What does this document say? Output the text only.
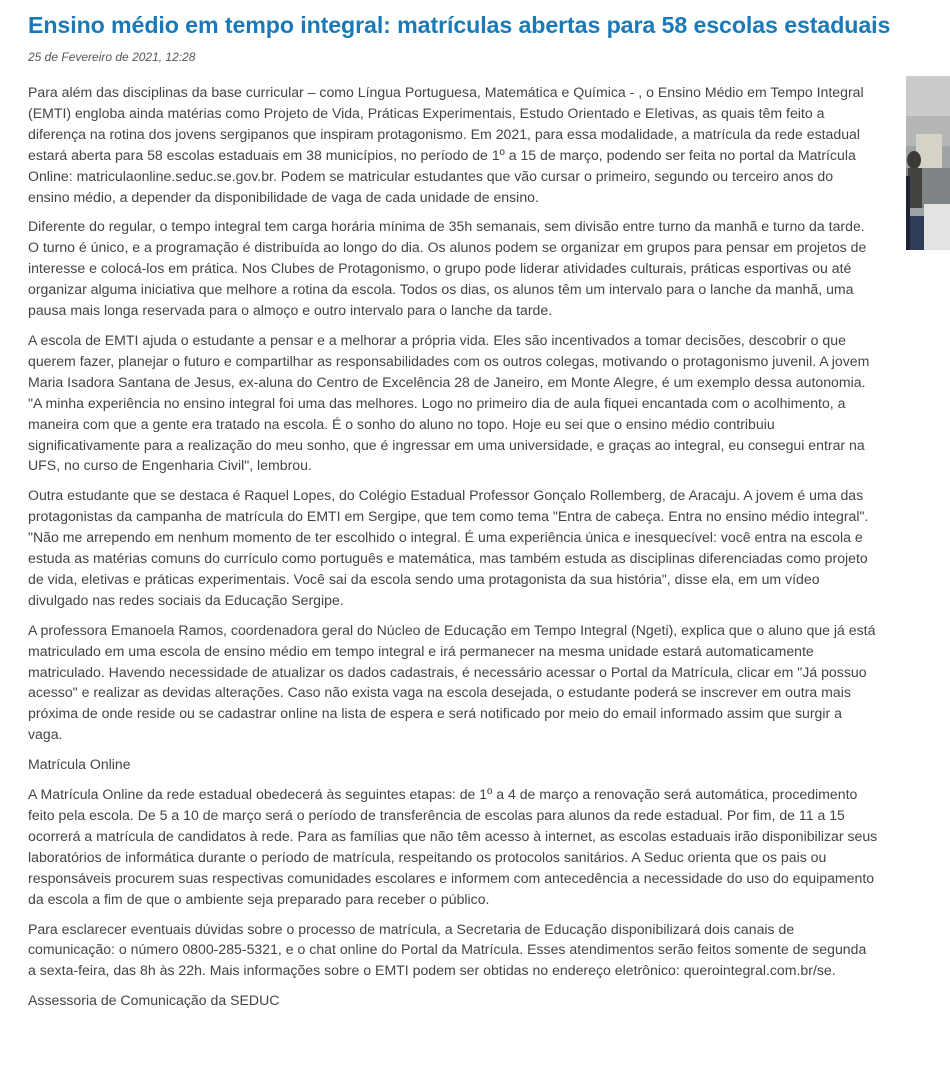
Ensino médio em tempo integral: matrículas abertas para 58 escolas estaduais
25 de Fevereiro de 2021, 12:28

Para além das disciplinas da base curricular – como Língua Portuguesa, Matemática e Química - , o Ensino Médio em Tempo Integral (EMTI) engloba ainda matérias como Projeto de Vida, Práticas Experimentais, Estudo Orientado e Eletivas, as quais têm feito a diferença na rotina dos jovens sergipanos que inspiram protagonismo. Em 2021, para essa modalidade, a matrícula da rede estadual estará aberta para 58 escolas estaduais em 38 municípios, no período de 1º a 15 de março, podendo ser feita no portal da Matrícula Online: matriculaonline.seduc.se.gov.br. Podem se matricular estudantes que vão cursar o primeiro, segundo ou terceiro anos do ensino médio, a depender da disponibilidade de vaga de cada unidade de ensino.

Diferente do regular, o tempo integral tem carga horária mínima de 35h semanais, sem divisão entre turno da manhã e turno da tarde. O turno é único, e a programação é distribuída ao longo do dia. Os alunos podem se organizar em grupos para pensar em projetos de interesse e colocá-los em prática. Nos Clubes de Protagonismo, o grupo pode liderar atividades culturais, práticas esportivas ou até organizar alguma iniciativa que melhore a rotina da escola. Todos os dias, os alunos têm um intervalo para o lanche da manhã, uma pausa mais longa reservada para o almoço e outro intervalo para o lanche da tarde.

A escola de EMTI ajuda o estudante a pensar e a melhorar a própria vida. Eles são incentivados a tomar decisões, descobrir o que querem fazer, planejar o futuro e compartilhar as responsabilidades com os outros colegas, motivando o protagonismo juvenil. A jovem Maria Isadora Santana de Jesus, ex-aluna do Centro de Excelência 28 de Janeiro, em Monte Alegre, é um exemplo dessa autonomia. "A minha experiência no ensino integral foi uma das melhores. Logo no primeiro dia de aula fiquei encantada com o acolhimento, a maneira com que a gente era tratado na escola. É o sonho do aluno no topo. Hoje eu sei que o ensino médio contribuiu significativamente para a realização do meu sonho, que é ingressar em uma universidade, e graças ao integral, eu consegui entrar na UFS, no curso de Engenharia Civil", lembrou.

Outra estudante que se destaca é Raquel Lopes, do Colégio Estadual Professor Gonçalo Rollemberg, de Aracaju. A jovem é uma das protagonistas da campanha de matrícula do EMTI em Sergipe, que tem como tema "Entra de cabeça. Entra no ensino médio integral". "Não me arrependo em nenhum momento de ter escolhido o integral. É uma experiência única e inesquecível: você entra na escola e estuda as matérias comuns do currículo como português e matemática, mas também estuda as disciplinas diferenciadas como projeto de vida, eletivas e práticas experimentais. Você sai da escola sendo uma protagonista da sua história", disse ela, em um vídeo divulgado nas redes sociais da Educação Sergipe.

A professora Emanoela Ramos, coordenadora geral do Núcleo de Educação em Tempo Integral (Ngeti), explica que o aluno que já está matriculado em uma escola de ensino médio em tempo integral e irá permanecer na mesma unidade estará automaticamente matriculado. Havendo necessidade de atualizar os dados cadastrais, é necessário acessar o Portal da Matrícula, clicar em "Já possuo acesso" e realizar as devidas alterações. Caso não exista vaga na escola desejada, o estudante poderá se inscrever em outra mais próxima de onde reside ou se cadastrar online na lista de espera e será notificado por meio do email informado assim que surgir a vaga.

Matrícula Online

A Matrícula Online da rede estadual obedecerá às seguintes etapas: de 1º a 4 de março a renovação será automática, procedimento feito pela escola. De 5 a 10 de março será o período de transferência de escolas para alunos da rede estadual. Por fim, de 11 a 15 ocorrerá a matrícula de candidatos à rede. Para as famílias que não têm acesso à internet, as escolas estaduais irão disponibilizar seus laboratórios de informática durante o período de matrícula, respeitando os protocolos sanitários. A Seduc orienta que os pais ou responsáveis procurem suas respectivas comunidades escolares e informem com antecedência a necessidade do uso do equipamento da escola a fim de que o ambiente seja preparado para receber o público.

Para esclarecer eventuais dúvidas sobre o processo de matrícula, a Secretaria de Educação disponibilizará dois canais de comunicação: o número 0800-285-5321, e o chat online do Portal da Matrícula. Esses atendimentos serão feitos somente de segunda a sexta-feira, das 8h às 22h. Mais informações sobre o EMTI podem ser obtidas no endereço eletrônico: querointegral.com.br/se.

Assessoria de Comunicação da SEDUC
